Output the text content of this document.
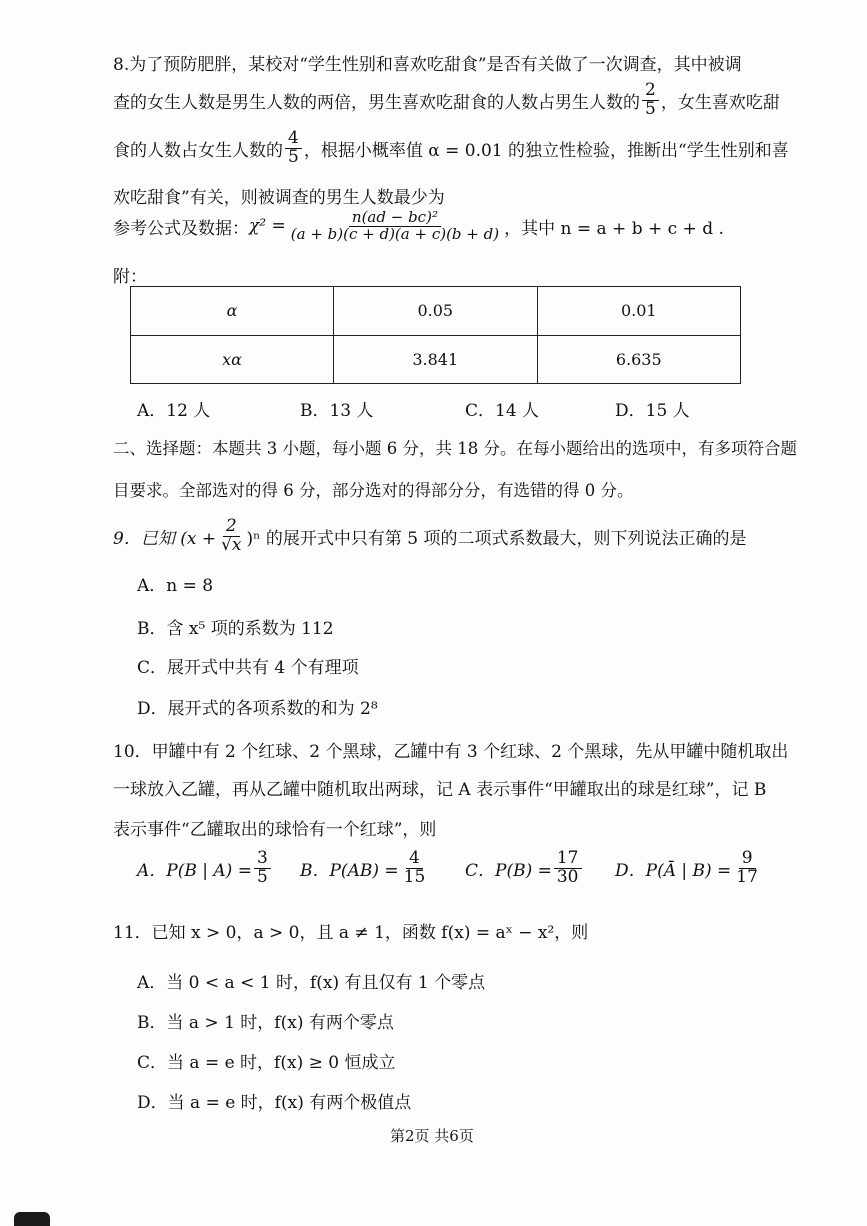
8.为了预防肥胖，某校对“学生性别和喜欢吃甜食”是否有关做了一次调查，其中被调
查的女生人数是男生人数的两倍，男生喜欢吃甜食的人数占男生人数的 $\frac{2}{5}$ ，女生喜欢吃甜
食的人数占女生人数的 $\frac{4}{5}$ ，根据小概率值 α = 0.01 的独立性检验，推断出“学生性别和喜
欢吃甜食”有关，则被调查的男生人数最少为
参考公式及数据： $\chi^2 = \frac{\text{n(ad − bc)²}}{(a + b)(c + d)(a + c)(b + d)}$ ，其中 n = a + b + c + d .
附：
α	0.05	0.01
xα	3.841	6.635
A．12 人	B．13 人	C．14 人	D．15 人
二、选择题：本题共 3 小题，每小题 6 分，共 18 分。在每小题给出的选项中，有多项符合题
目要求。全部选对的得 6 分，部分选对的得部分分，有选错的得 0 分。
9．已知 $(x + \frac{2}{√x} )^n$ 的展开式中只有第 5 项的二项式系数最大，则下列说法正确的是
A．n = 8
B．含 x⁵ 项的系数为 112
C．展开式中共有 4 个有理项
D．展开式的各项系数的和为 2⁸
10．甲罐中有 2 个红球、2 个黑球，乙罐中有 3 个红球、2 个黑球，先从甲罐中随机取出
一球放入乙罐，再从乙罐中随机取出两球，记 A 表示事件“甲罐取出的球是红球”，记 B
表示事件“乙罐取出的球恰有一个红球”，则
A．P(B | $A) = \frac{3}{5}$ B．$P(AB) = \frac{4}{15}$ C．$P(B) = \frac{17}{30}$ D．P(Ā | $B) = \frac{9}{17}$
11．已知 x > 0，a > 0，且 a ≠ 1，函数 f(x) = aˣ − x²，则
A．当 0 < a < 1 时，f(x) 有且仅有 1 个零点
B．当 a > 1 时，f(x) 有两个零点
C．当 a = e 时，f(x) ≥ 0 恒成立
D．当 a = e 时，f(x) 有两个极值点
第2页 共6页
